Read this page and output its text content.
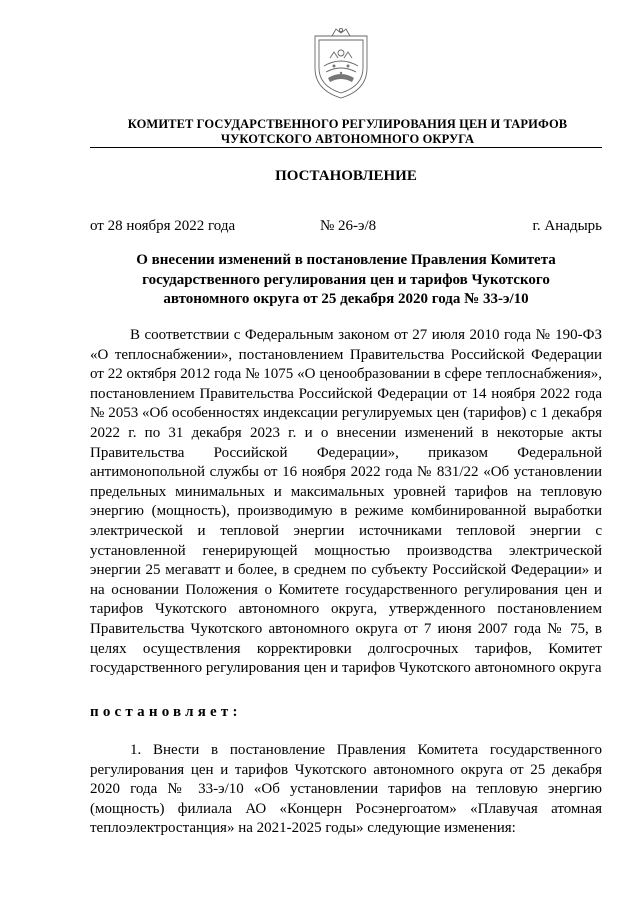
КОМИТЕТ ГОСУДАРСТВЕННОГО РЕГУЛИРОВАНИЯ ЦЕН И ТАРИФОВ
ЧУКОТСКОГО АВТОНОМНОГО ОКРУГА
ПОСТАНОВЛЕНИЕ
от 28 ноября 2022 года	№ 26-э/8	г. Анадырь
О внесении изменений в постановление Правления Комитета государственного регулирования цен и тарифов Чукотского автономного округа от 25 декабря 2020 года № 33-э/10

В соответствии с Федеральным законом от 27 июля 2010 года № 190-ФЗ «О теплоснабжении», постановлением Правительства Российской Федерации от 22 октября 2012 года № 1075 «О ценообразовании в сфере теплоснабжения», постановлением Правительства Российской Федерации от 14 ноября 2022 года № 2053 «Об особенностях индексации регулируемых цен (тарифов) с 1 декабря 2022 г. по 31 декабря 2023 г. и о внесении изменений в некоторые акты Правительства Российской Федерации», приказом Федеральной антимонопольной службы от 16 ноября 2022 года № 831/22 «Об установлении предельных минимальных и максимальных уровней тарифов на тепловую энергию (мощность), производимую в режиме комбинированной выработки электрической и тепловой энергии источниками тепловой энергии с установленной генерирующей мощностью производства электрической энергии 25 мегаватт и более, в среднем по субъекту Российской Федерации» и на основании Положения о Комитете государственного регулирования цен и тарифов Чукотского автономного округа, утвержденного постановлением Правительства Чукотского автономного округа от 7 июня 2007 года № 75, в целях осуществления корректировки долгосрочных тарифов, Комитет государственного регулирования цен и тарифов Чукотского автономного округа

постановляет:

1. Внести в постановление Правления Комитета государственного регулирования цен и тарифов Чукотского автономного округа от 25 декабря 2020 года № 33-э/10 «Об установлении тарифов на тепловую энергию (мощность) филиала АО «Концерн Росэнергоатом» «Плавучая атомная теплоэлектростанция» на 2021-2025 годы» следующие изменения:
